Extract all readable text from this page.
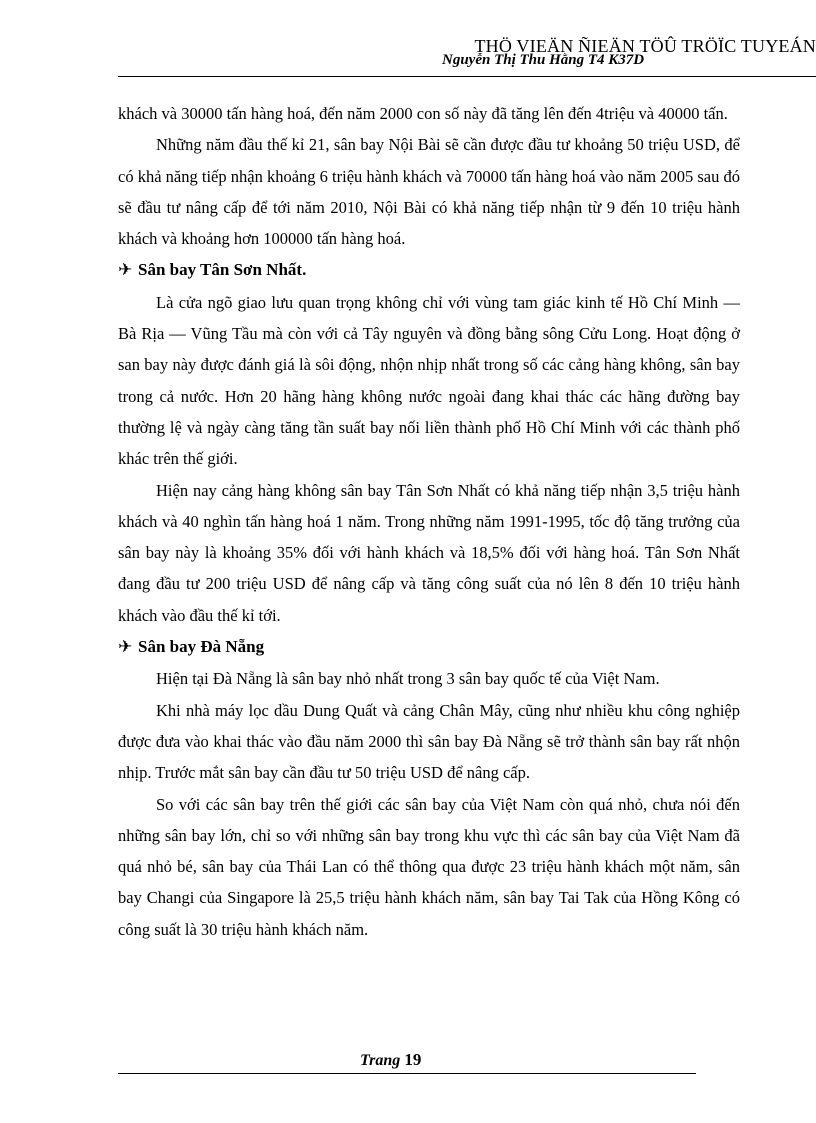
THÖ VIEÄN ÑIEÄN TÖÛ TRÖÏC TUYEÁN
Nguyễn Thị Thu Hằng T4 K37D

khách và 30000 tấn hàng hoá, đến năm 2000 con số này đã tăng lên đến 4triệu và 40000 tấn.

Những năm đầu thế kỉ 21, sân bay Nội Bài sẽ cần được đầu tư khoảng 50 triệu USD, để có khả năng tiếp nhận khoảng 6 triệu hành khách và 70000 tấn hàng hoá vào năm 2005 sau đó sẽ đầu tư nâng cấp để tới năm 2010, Nội Bài có khả năng tiếp nhận từ 9 đến 10 triệu hành khách và khoảng hơn 100000 tấn hàng hoá.

✈ Sân bay Tân Sơn Nhất.

Là cửa ngõ giao lưu quan trọng không chỉ với vùng tam giác kinh tế Hồ Chí Minh — Bà Rịa — Vũng Tầu mà còn với cả Tây nguyên và đồng bằng sông Cửu Long. Hoạt động ở san bay này được đánh giá là sôi động, nhộn nhịp nhất trong số các cảng hàng không, sân bay trong cả nước. Hơn 20 hãng hàng không nước ngoài đang khai thác các hãng đường bay thường lệ và ngày càng tăng tần suất bay nối liền thành phố Hồ Chí Minh với các thành phố khác trên thế giới.

Hiện nay cảng hàng không sân bay Tân Sơn Nhất có khả năng tiếp nhận 3,5 triệu hành khách và 40 nghìn tấn hàng hoá 1 năm. Trong những năm 1991-1995, tốc độ tăng trưởng của sân bay này là khoảng 35% đối với hành khách và 18,5% đối với hàng hoá. Tân Sơn Nhất đang đầu tư 200 triệu USD để nâng cấp và tăng công suất của nó lên 8 đến 10 triệu hành khách vào đầu thế kỉ tới.

✈ Sân bay Đà Nẵng

Hiện tại Đà Nẵng là sân bay nhỏ nhất trong 3 sân bay quốc tế của Việt Nam.

Khi nhà máy lọc dầu Dung Quất và cảng Chân Mây, cũng như nhiều khu công nghiệp được đưa vào khai thác vào đầu năm 2000 thì sân bay Đà Nẵng sẽ trở thành sân bay rất nhộn nhịp. Trước mắt sân bay cần đầu tư 50 triệu USD để nâng cấp.

So với các sân bay trên thế giới các sân bay của Việt Nam còn quá nhỏ, chưa nói đến những sân bay lớn, chỉ so với những sân bay trong khu vực thì các sân bay của Việt Nam đã quá nhỏ bé, sân bay của Thái Lan có thể thông qua được 23 triệu hành khách một năm, sân bay Changi của Singapore là 25,5 triệu hành khách năm, sân bay Tai Tak của Hồng Kông có công suất là 30 triệu hành khách năm.

Trang 19
